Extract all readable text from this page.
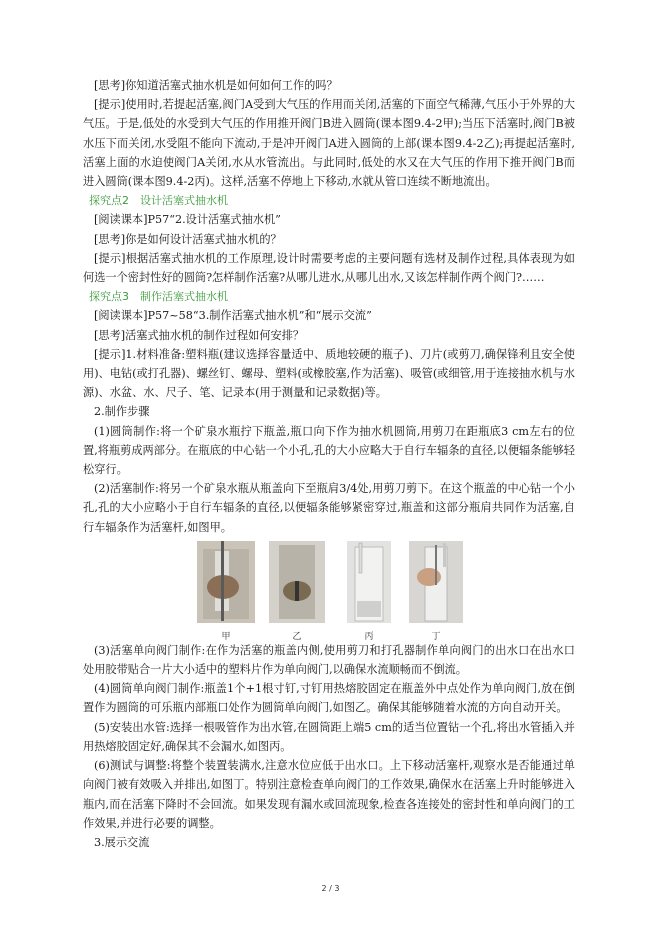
[思考]你知道活塞式抽水机是如何如何工作的吗？

[提示]使用时,若提起活塞,阀门A受到大气压的作用而关闭,活塞的下面空气稀薄,气压小于外界的大气压。于是,低处的水受到大气压的作用推开阀门B进入圆筒(课本图9.4-2甲);当压下活塞时,阀门B被水压下而关闭,水受阻不能向下流动,于是冲开阀门A进入圆筒的上部(课本图9.4-2乙);再提起活塞时,活塞上面的水迫使阀门A关闭,水从水管流出。与此同时,低处的水又在大气压的作用下推开阀门B而进入圆筒(课本图9.4-2丙)。这样,活塞不停地上下移动,水就从管口连续不断地流出。

探究点2　设计活塞式抽水机

[阅读课本]P57“2.设计活塞式抽水机”

[思考]你是如何设计活塞式抽水机的？

[提示]根据活塞式抽水机的工作原理,设计时需要考虑的主要问题有选材及制作过程,具体表现为如何选一个密封性好的圆筒?怎样制作活塞?从哪儿进水,从哪儿出水,又该怎样制作两个阀门?……

探究点3　制作活塞式抽水机

[阅读课本]P57~58“3.制作活塞式抽水机”和“展示交流”

[思考]活塞式抽水机的制作过程如何安排？

[提示]1.材料准备:塑料瓶(建议选择容量适中、质地较硬的瓶子)、刀片(或剪刀,确保锋利且安全使用)、电钻(或打孔器)、螺丝钉、螺母、塑料(或橡胶塞,作为活塞)、吸管(或细管,用于连接抽水机与水源)、水盆、水、尺子、笔、记录本(用于测量和记录数据)等。

2.制作步骤

(1)圆筒制作:将一个矿泉水瓶拧下瓶盖,瓶口向下作为抽水机圆筒,用剪刀在距瓶底3 cm左右的位置,将瓶剪成两部分。在瓶底的中心钻一个小孔,孔的大小应略大于自行车辐条的直径,以便辐条能够轻松穿行。

(2)活塞制作:将另一个矿泉水瓶从瓶盖向下至瓶肩3/4处,用剪刀剪下。在这个瓶盖的中心钻一个小孔,孔的大小应略小于自行车辐条的直径,以便辐条能够紧密穿过,瓶盖和这部分瓶肩共同作为活塞,自行车辐条作为活塞杆,如图甲。

甲	乙	丙	丁

(3)活塞单向阀门制作:在作为活塞的瓶盖内侧,使用剪刀和打孔器制作单向阀门的出水口在出水口处用胶带贴合一片大小适中的塑料片作为单向阀门,以确保水流顺畅而不倒流。

(4)圆筒单向阀门制作:瓶盖1个+1根寸钉,寸钉用热熔胶固定在瓶盖外中点处作为单向阀门,放在倒置作为圆筒的可乐瓶内部瓶口处作为圆筒单向阀门,如图乙。确保其能够随着水流的方向自动开关。

(5)安装出水管:选择一根吸管作为出水管,在圆筒距上端5 cm的适当位置钻一个孔,将出水管插入并用热熔胶固定好,确保其不会漏水,如图丙。

(6)测试与调整:将整个装置装满水,注意水位应低于出水口。上下移动活塞杆,观察水是否能通过单向阀门被有效吸入并排出,如图丁。特别注意检查单向阀门的工作效果,确保水在活塞上升时能够进入瓶内,而在活塞下降时不会回流。如果发现有漏水或回流现象,检查各连接处的密封性和单向阀门的工作效果,并进行必要的调整。

3.展示交流

2 / 3
